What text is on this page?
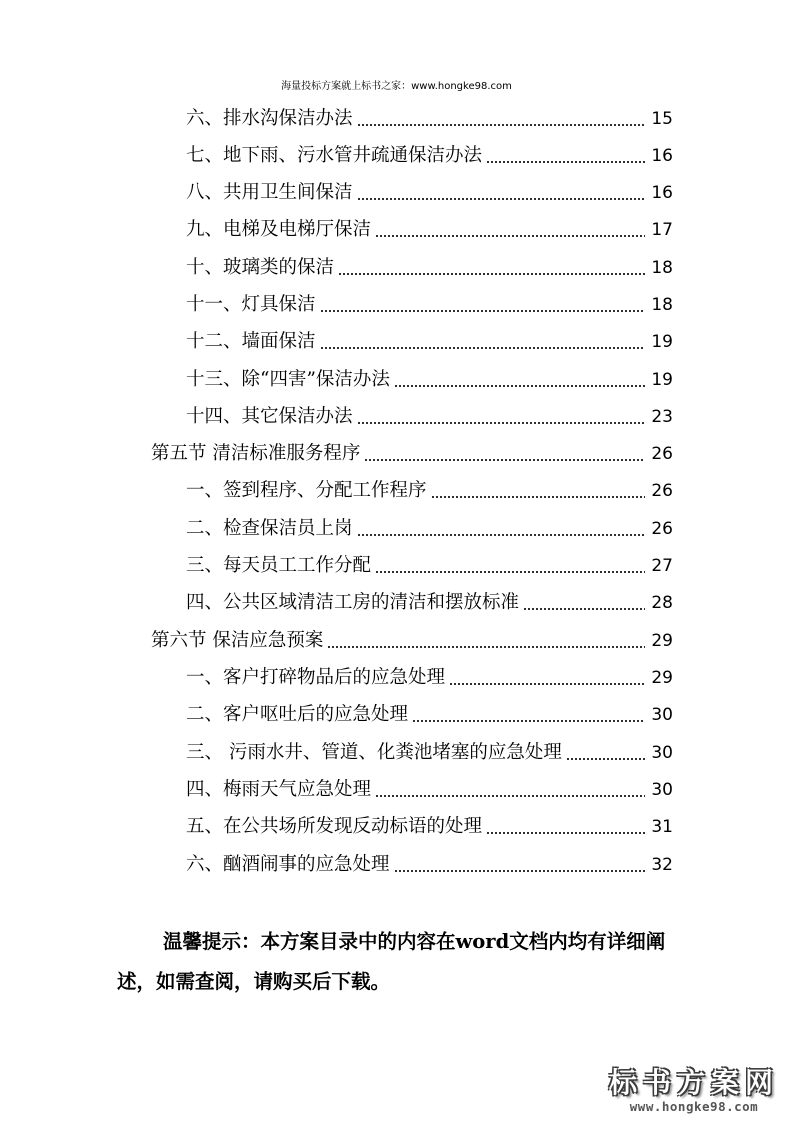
海量投标方案就上标书之家：www.hongke98.com
六、排水沟保洁办法	15
七、地下雨、污水管井疏通保洁办法	16
八、共用卫生间保洁	16
九、电梯及电梯厅保洁	17
十、玻璃类的保洁	18
十一、灯具保洁	18
十二、墙面保洁	19
十三、除“四害”保洁办法	19
十四、其它保洁办法	23
第五节 清洁标准服务程序	26
一、签到程序、分配工作程序	26
二、检查保洁员上岗	26
三、每天员工工作分配	27
四、公共区域清洁工房的清洁和摆放标准	28
第六节 保洁应急预案	29
一、客户打碎物品后的应急处理	29
二、客户呕吐后的应急处理	30
三、 污雨水井、管道、化粪池堵塞的应急处理	30
四、梅雨天气应急处理	30
五、在公共场所发现反动标语的处理	31
六、酗酒闹事的应急处理	32
温馨提示：本方案目录中的内容在word文档内均有详细阐述，如需查阅，请购买后下载。
标书方案网
www.hongke98.com
